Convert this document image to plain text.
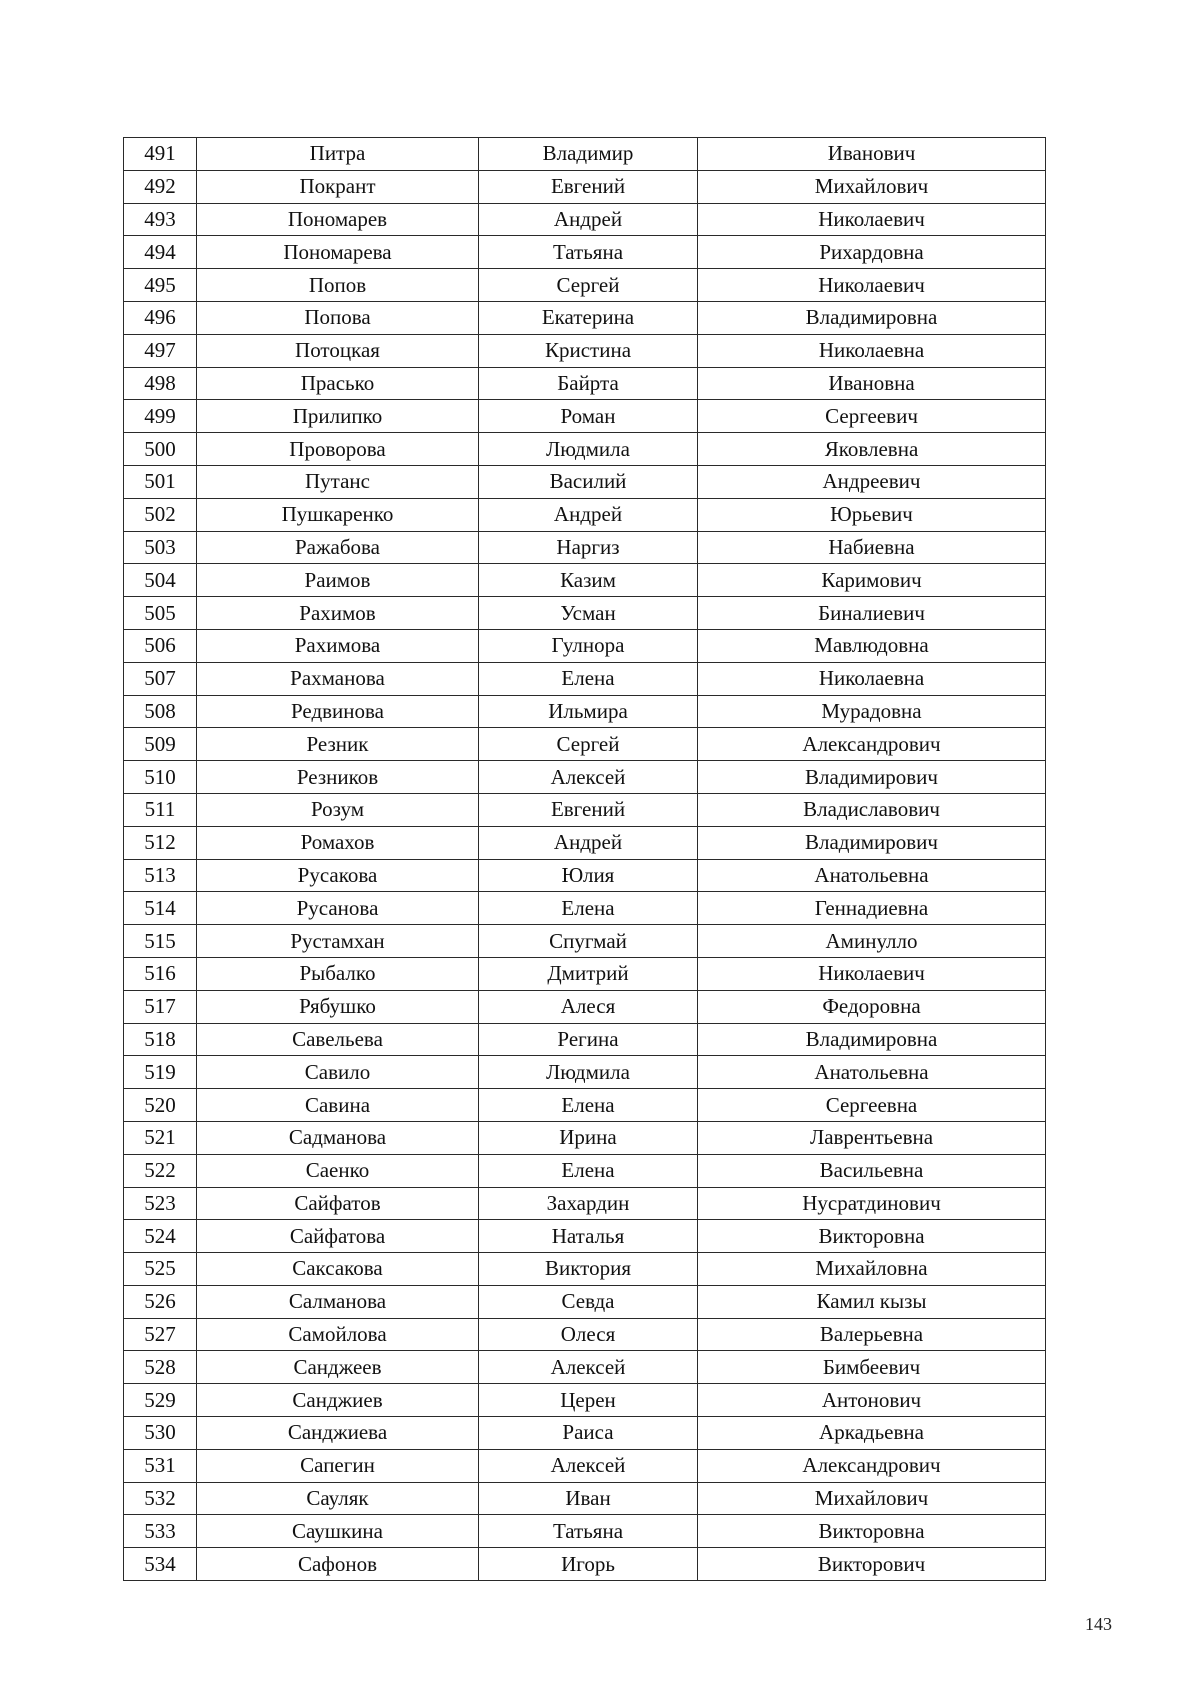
491	Питра	Владимир	Иванович
492	Покрант	Евгений	Михайлович
493	Пономарев	Андрей	Николаевич
494	Пономарева	Татьяна	Рихардовна
495	Попов	Сергей	Николаевич
496	Попова	Екатерина	Владимировна
497	Потоцкая	Кристина	Николаевна
498	Прасько	Байрта	Ивановна
499	Прилипко	Роман	Сергеевич
500	Проворова	Людмила	Яковлевна
501	Путанс	Василий	Андреевич
502	Пушкаренко	Андрей	Юрьевич
503	Ражабова	Наргиз	Набиевна
504	Раимов	Казим	Каримович
505	Рахимов	Усман	Биналиевич
506	Рахимова	Гулнора	Мавлюдовна
507	Рахманова	Елена	Николаевна
508	Редвинова	Ильмира	Мурадовна
509	Резник	Сергей	Александрович
510	Резников	Алексей	Владимирович
511	Розум	Евгений	Владиславович
512	Ромахов	Андрей	Владимирович
513	Русакова	Юлия	Анатольевна
514	Русанова	Елена	Геннадиевна
515	Рустамхан	Спугмай	Аминулло
516	Рыбалко	Дмитрий	Николаевич
517	Рябушко	Алеся	Федоровна
518	Савельева	Регина	Владимировна
519	Савило	Людмила	Анатольевна
520	Савина	Елена	Сергеевна
521	Садманова	Ирина	Лаврентьевна
522	Саенко	Елена	Васильевна
523	Сайфатов	Захардин	Нусратдинович
524	Сайфатова	Наталья	Викторовна
525	Саксакова	Виктория	Михайловна
526	Салманова	Севда	Камил кызы
527	Самойлова	Олеся	Валерьевна
528	Санджеев	Алексей	Бимбеевич
529	Санджиев	Церен	Антонович
530	Санджиева	Раиса	Аркадьевна
531	Сапегин	Алексей	Александрович
532	Сауляк	Иван	Михайлович
533	Саушкина	Татьяна	Викторовна
534	Сафонов	Игорь	Викторович
143
